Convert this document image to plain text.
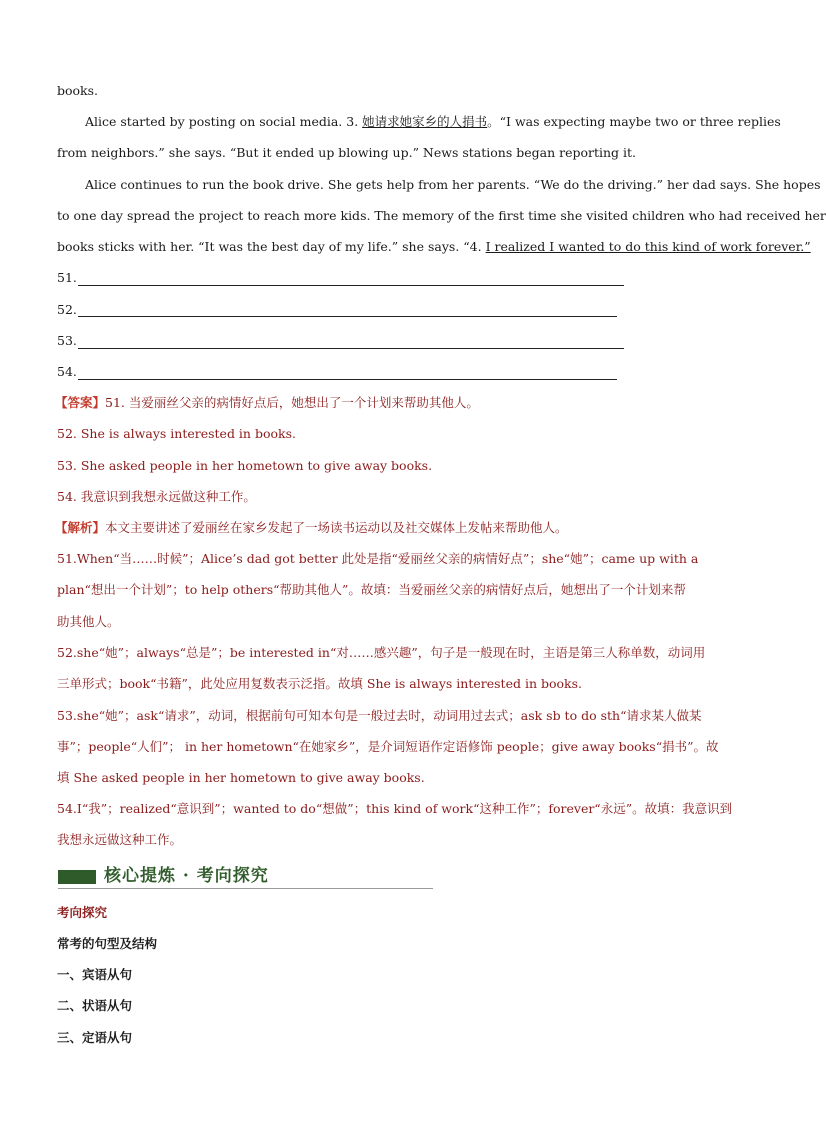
books.
Alice started by posting on social media. 3. 她请求她家乡的人捐书。“I was expecting maybe two or three replies
from neighbors.” she says. “But it ended up blowing up.” News stations began reporting it.
Alice continues to run the book drive. She gets help from her parents. “We do the driving.” her dad says. She hopes
to one day spread the project to reach more kids. The memory of the first time she visited children who had received her
books sticks with her. “It was the best day of my life.” she says. “4. I realized I wanted to do this kind of work forever.”
51.
52.
53.
54.
【答案】51. 当爱丽丝父亲的病情好点后，她想出了一个计划来帮助其他人。
52. She is always interested in books.
53. She asked people in her hometown to give away books.
54. 我意识到我想永远做这种工作。
【解析】本文主要讲述了爱丽丝在家乡发起了一场读书运动以及社交媒体上发帖来帮助他人。
51.When“当……时候”；Alice’s dad got better 此处是指“爱丽丝父亲的病情好点”；she“她”；came up with a
plan“想出一个计划”；to help others“帮助其他人”。故填：当爱丽丝父亲的病情好点后，她想出了一个计划来帮
助其他人。
52.she“她”；always“总是”；be interested in“对……感兴趣”，句子是一般现在时，主语是第三人称单数，动词用
三单形式；book“书籍”，此处应用复数表示泛指。故填 She is always interested in books.
53.she“她”；ask“请求”，动词，根据前句可知本句是一般过去时，动词用过去式；ask sb to do sth“请求某人做某
事”；people“人们”； in her hometown“在她家乡”，是介词短语作定语修饰 people；give away books“捐书”。故
填 She asked people in her hometown to give away books.
54.I“我”；realized“意识到”；wanted to do“想做”；this kind of work“这种工作”；forever“永远”。故填：我意识到
我想永远做这种工作。
核心提炼 · 考向探究
考向探究
常考的句型及结构
一、宾语从句
二、状语从句
三、定语从句
